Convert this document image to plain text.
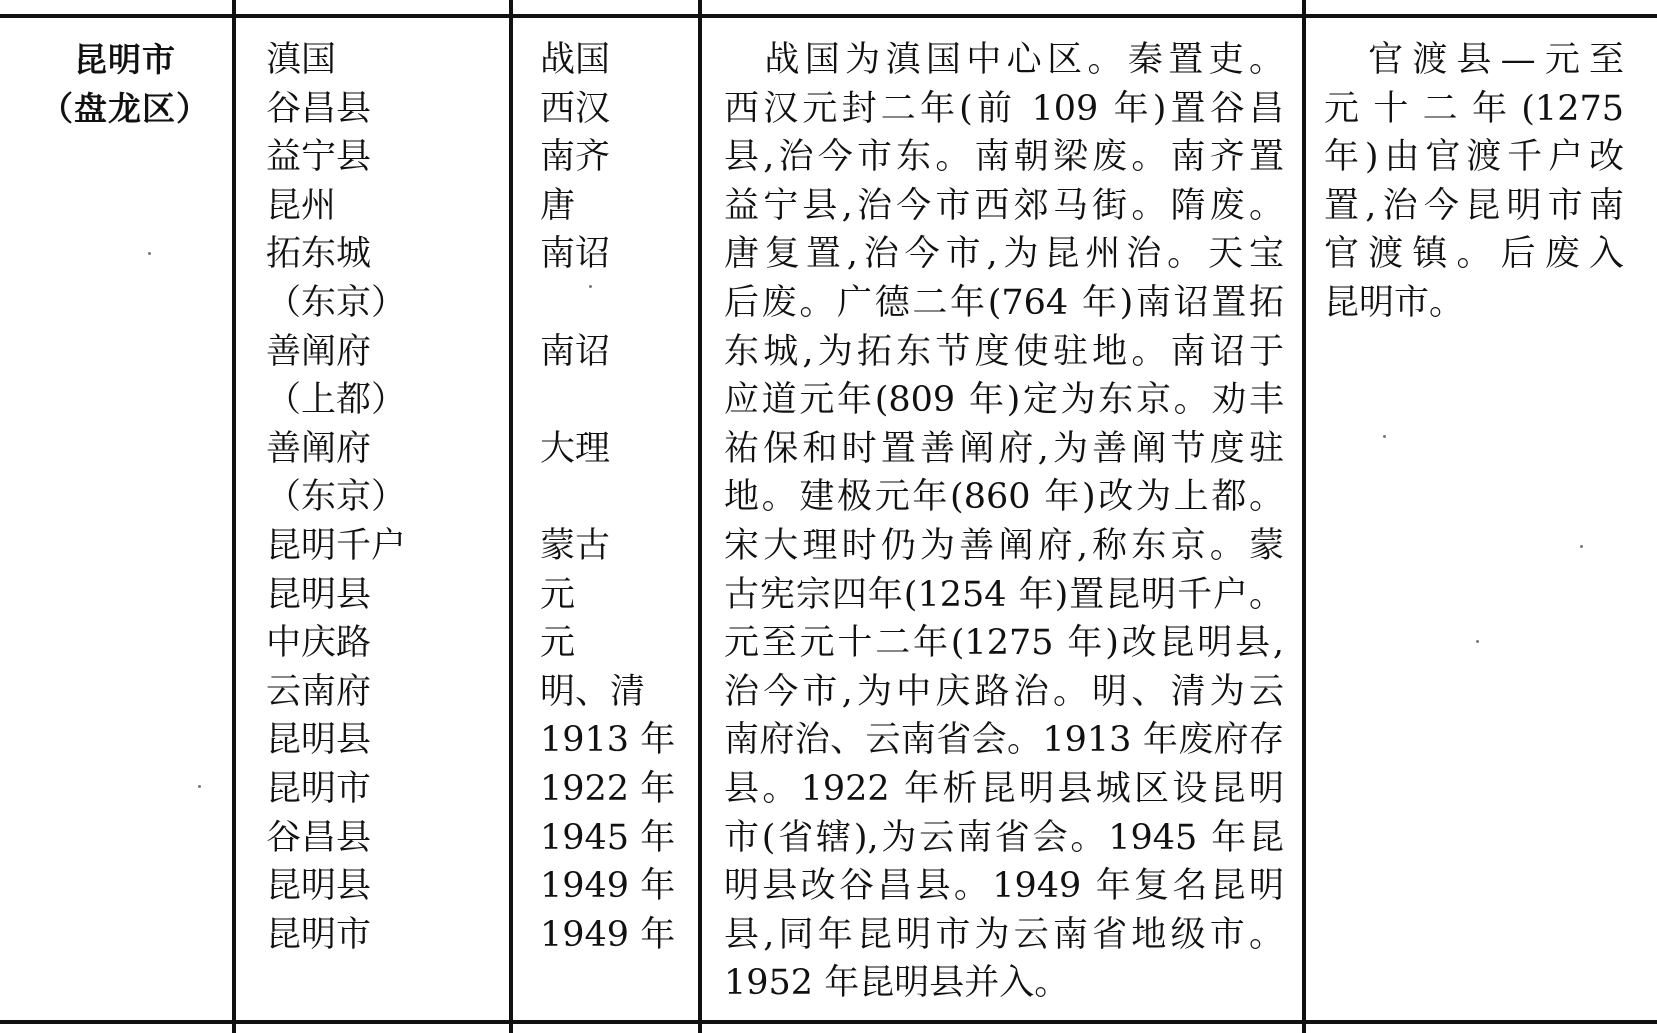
昆明市
（盘龙区）
滇国
谷昌县
益宁县
昆州
拓东城
（东京）
善阐府
（上都）
善阐府
（东京）
昆明千户
昆明县
中庆路
云南府
昆明县
昆明市
谷昌县
昆明县
昆明市
战国
西汉
南齐
唐
南诏
南诏
大理
蒙古
元
元
明、清
1913 年
1922 年
1945 年
1949 年
1949 年
　战国为滇国中心区。秦置吏。
西汉元封二年(前 109 年)置谷昌
县,治今市东。南朝梁废。南齐置
益宁县,治今市西郊马街。隋废。
唐复置,治今市,为昆州治。天宝
后废。广德二年(764 年)南诏置拓
东城,为拓东节度使驻地。南诏于
应道元年(809 年)定为东京。劝丰
祐保和时置善阐府,为善阐节度驻
地。建极元年(860 年)改为上都。
宋大理时仍为善阐府,称东京。蒙
古宪宗四年(1254 年)置昆明千户。
元至元十二年(1275 年)改昆明县,
治今市,为中庆路治。明、清为云
南府治、云南省会。1913 年废府存
县。1922 年析昆明县城区设昆明
市(省辖),为云南省会。1945 年昆
明县改谷昌县。1949 年复名昆明
县,同年昆明市为云南省地级市。
1952 年昆明县并入。
　官渡县—元至
元十二年(1275
年)由官渡千户改
置,治今昆明市南
官渡镇。后废入
昆明市。
